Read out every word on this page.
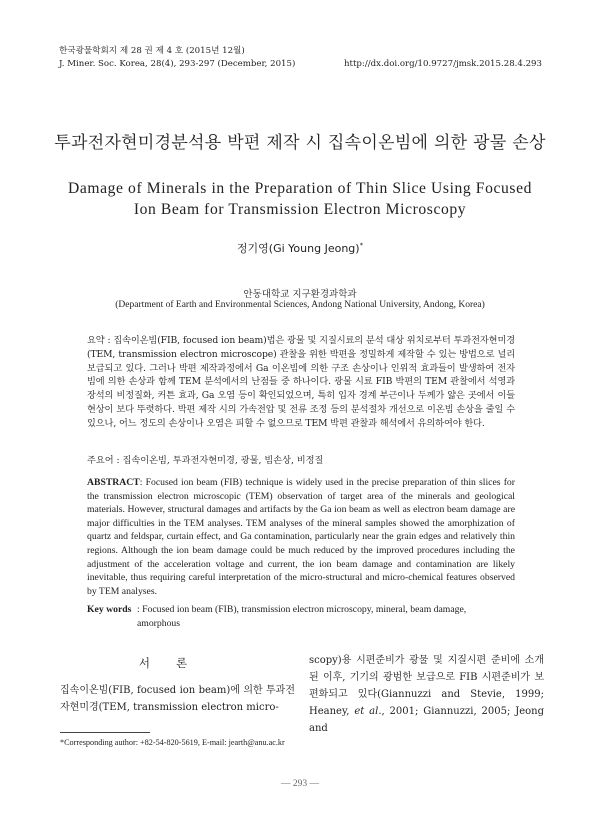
한국광물학회지 제 28 권 제 4 호 (2015년 12월)
J. Miner. Soc. Korea, 28(4), 293-297 (December, 2015)	http://dx.doi.org/10.9727/jmsk.2015.28.4.293
투과전자현미경분석용 박편 제작 시 집속이온빔에 의한 광물 손상
Damage of Minerals in the Preparation of Thin Slice Using Focused
Ion Beam for Transmission Electron Microscopy
정기영(Gi Young Jeong)*
안동대학교 지구환경과학과
(Department of Earth and Environmental Sciences, Andong National University, Andong, Korea)
요약 : 집속이온빔(FIB, focused ion beam)법은 광물 및 지질시료의 분석 대상 위치로부터 투과전자현미경(TEM, transmission electron microscope) 관찰을 위한 박편을 정밀하게 제작할 수 있는 방법으로 널리 보급되고 있다. 그러나 박편 제작과정에서 Ga 이온빔에 의한 구조 손상이나 인위적 효과들이 발생하여 전자빔에 의한 손상과 함께 TEM 분석에서의 난점들 중 하나이다. 광물 시료 FIB 박편의 TEM 관찰에서 석영과 장석의 비정질화, 커튼 효과, Ga 오염 등이 확인되었으며, 특히 입자 경계 부근이나 두께가 얇은 곳에서 이들 현상이 보다 뚜렷하다. 박편 제작 시의 가속전압 및 전류 조정 등의 분석절차 개선으로 이온빔 손상을 줄일 수 있으나, 어느 정도의 손상이나 오염은 피할 수 없으므로 TEM 박편 관찰과 해석에서 유의하여야 한다.
주요어 : 집속이온빔, 투과전자현미경, 광물, 빔손상, 비정질
ABSTRACT: Focused ion beam (FIB) technique is widely used in the precise preparation of thin slices for the transmission electron microscopic (TEM) observation of target area of the minerals and geological materials. However, structural damages and artifacts by the Ga ion beam as well as electron beam damage are major difficulties in the TEM analyses. TEM analyses of the mineral samples showed the amorphization of quartz and feldspar, curtain effect, and Ga contamination, particularly near the grain edges and relatively thin regions. Although the ion beam damage could be much reduced by the improved procedures including the adjustment of the acceleration voltage and current, the ion beam damage and contamination are likely inevitable, thus requiring careful interpretation of the micro-structural and micro-chemical features observed by TEM analyses.
Key words : Focused ion beam (FIB), transmission electron microscopy, mineral, beam damage, amorphous
서론
집속이온빔(FIB, focused ion beam)에 의한 투과전자현미경(TEM, transmission electron micro-
scopy)용 시편준비가 광물 및 지질시편 준비에 소개된 이후, 기기의 광범한 보급으로 FIB 시편준비가 보편화되고 있다(Giannuzzi and Stevie, 1999; Heaney, et al., 2001; Giannuzzi, 2005; Jeong and
*Corresponding author: +82-54-820-5619, E-mail: jearth@anu.ac.kr
― 293 ―
